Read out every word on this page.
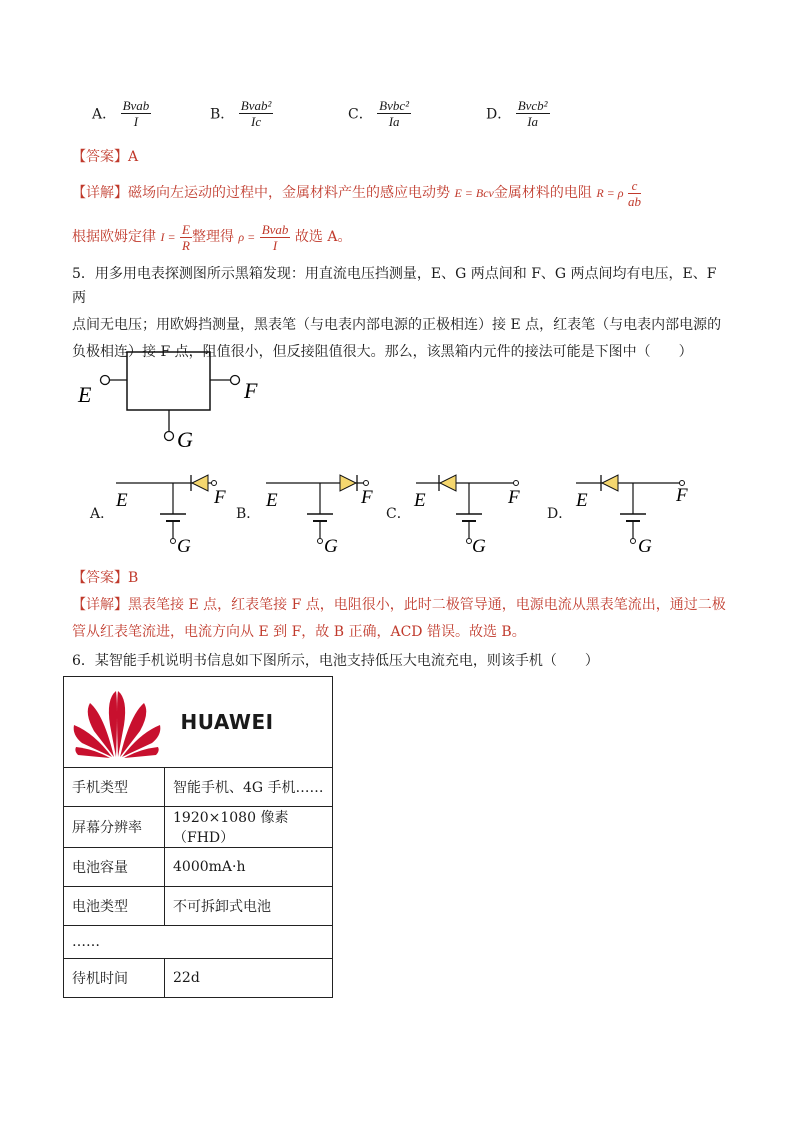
A． $\frac{\text{Bvab}}{I}$	B． $\frac{\text{Bvab²}}{Ic}$	C． $\frac{\text{Bvbc²}}{Ia}$	D． $\frac{\text{Bvcb²}}{Ia}$
【答案】A
【详解】磁场向左运动的过程中，金属材料产生的感应电动势 E = Bcv金属材料的电阻 R = ρ $\frac{c}{ab}$
根据欧姆定律 $I = \frac{E}{R}$ 整理得 $\rho = \frac{\text{Bvab}}{I}$ 故选 A。
5．用多用电表探测图所示黑箱发现：用直流电压挡测量，E、G 两点间和 F、G 两点间均有电压，E、F 两
点间无电压；用欧姆挡测量，黑表笔（与电表内部电源的正极相连）接 E 点，红表笔（与电表内部电源的
负极相连）接 F 点，阻值很小，但反接阻值很大。那么，该黑箱内元件的接法可能是下图中（　　）
E	F
G
A．	B．	C．	D．
E	F
G
E	F
G
E	F
G
E	F
G
【答案】B
【详解】黑表笔接 E 点，红表笔接 F 点，电阻很小，此时二极管导通，电源电流从黑表笔流出，通过二极
管从红表笔流进，电流方向从 E 到 F，故 B 正确，ACD 错误。故选 B。
6．某智能手机说明书信息如下图所示，电池支持低压大电流充电，则该手机（　　）
HUAWEI	
手机类型	智能手机、4G 手机……
屏幕分辨率	1920×1080 像素（FHD）
电池容量	4000mA·h
电池类型	不可拆卸式电池
……	
待机时间	22d
